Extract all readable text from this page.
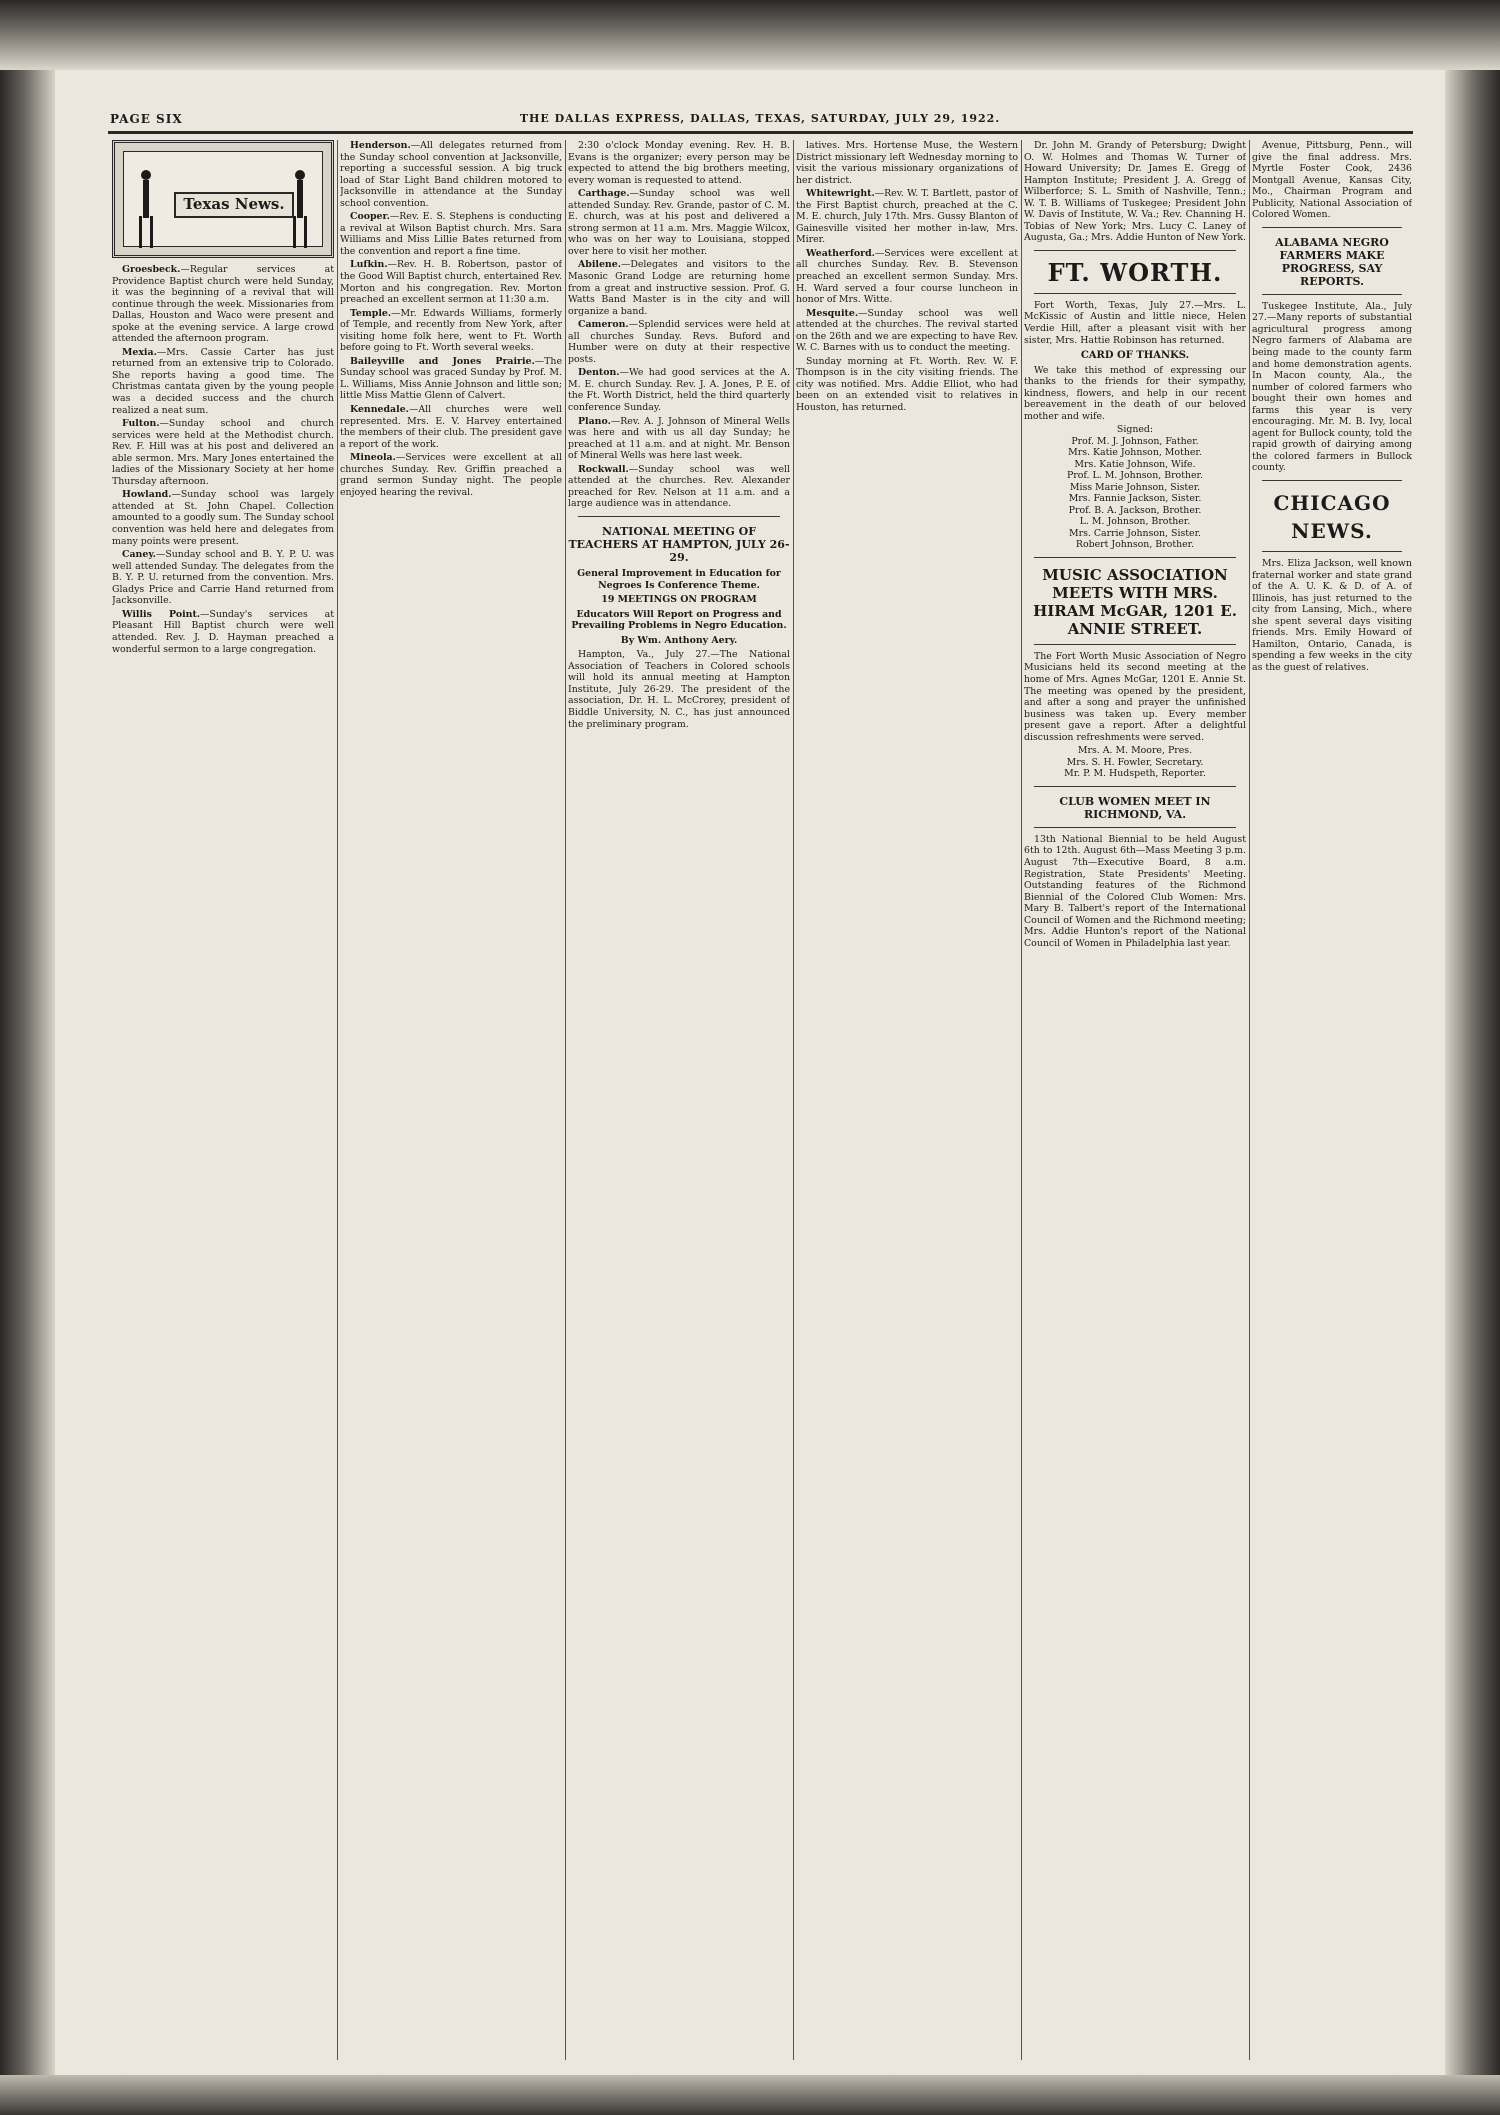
THE DALLAS EXPRESS, DALLAS, TEXAS, SATURDAY, JULY 29, 1922.
PAGE SIX
Texas News.
Groesbeck.—Regular services at Providence Baptist church were held Sunday, it was the beginning of a revival that will continue through the week. Missionaries from Dallas, Houston and Waco were present and spoke at the evening service. A large crowd attended the afternoon program.
Mexia.—Mrs. Cassie Carter has just returned from an extensive trip to Colorado. She reports having a good time. The Christmas cantata given by the young people was a decided success and the church realized a neat sum.
Fulton.—Sunday school and church services were held at the Methodist church. Rev. F. Hill was at his post and delivered an able sermon. Mrs. Mary Jones entertained the ladies of the Missionary Society at her home Thursday afternoon.
Howland.—Sunday school was largely attended at St. John Chapel. Collection amounted to a goodly sum. The Sunday school convention was held here and delegates from many points were present.
Caney.—Sunday school and B. Y. P. U. was well attended Sunday. The delegates from the B. Y. P. U. returned from the convention. Mrs. Gladys Price and Carrie Hand returned from Jacksonville.
Willis Point.—Sunday's services at Pleasant Hill Baptist church were well attended. Rev. J. D. Hayman preached a wonderful sermon to a large congregation.
Henderson.—All delegates returned from the Sunday school convention at Jacksonville, reporting a successful session. A big truck load of Star Light Band children motored to Jacksonville in attendance at the Sunday school convention.
Cooper.—Rev. E. S. Stephens is conducting a revival at Wilson Baptist church. Mrs. Sara Williams and Miss Lillie Bates returned from the convention and report a fine time.
Lufkin.—Rev. H. B. Robertson, pastor of the Good Will Baptist church, entertained Rev. Morton and his congregation. Rev. Morton preached an excellent sermon at 11:30 a.m.
Temple.—Mr. Edwards Williams, formerly of Temple, and recently from New York, after visiting home folk here, went to Ft. Worth before going to Ft. Worth several weeks.
Baileyville and Jones Prairie.—The Sunday school was graced Sunday by Prof. M. L. Williams, Miss Annie Johnson and little son; little Miss Mattie Glenn of Calvert.
Kennedale.—All churches were well represented. Mrs. E. V. Harvey entertained the members of their club. The president gave a report of the work.
Mineola.—Services were excellent at all churches Sunday. Rev. Griffin preached a grand sermon Sunday night. The people enjoyed hearing the revival.
2:30 o'clock Monday evening. Rev. H. B. Evans is the organizer; every person may be expected to attend the big brothers meeting, every woman is requested to attend.
Carthage.—Sunday school was well attended Sunday. Rev. Grande, pastor of C. M. E. church, was at his post and delivered a strong sermon at 11 a.m. Mrs. Maggie Wilcox, who was on her way to Louisiana, stopped over here to visit her mother.
Abilene.—Delegates and visitors to the Masonic Grand Lodge are returning home from a great and instructive session. Prof. G. Watts Band Master is in the city and will organize a band.
Cameron.—Splendid services were held at all churches Sunday. Revs. Buford and Humber were on duty at their respective posts.
Denton.—We had good services at the A. M. E. church Sunday. Rev. J. A. Jones, P. E. of the Ft. Worth District, held the third quarterly conference Sunday.
Plano.—Rev. A. J. Johnson of Mineral Wells was here and with us all day Sunday; he preached at 11 a.m. and at night. Mr. Benson of Mineral Wells was here last week.
Rockwall.—Sunday school was well attended at the churches. Rev. Alexander preached for Rev. Nelson at 11 a.m. and a large audience was in attendance.
NATIONAL MEETING OF TEACHERS AT HAMPTON, JULY 26-29.
General Improvement in Education for Negroes Is Conference Theme.
19 MEETINGS ON PROGRAM
Educators Will Report on Progress and Prevailing Problems in Negro Education.
By Wm. Anthony Aery.
Hampton, Va., July 27.—The National Association of Teachers in Colored schools will hold its annual meeting at Hampton Institute, July 26-29. The president of the association, Dr. H. L. McCrorey, president of Biddle University, N. C., has just announced the preliminary program.
latives. Mrs. Hortense Muse, the Western District missionary left Wednesday morning to visit the various missionary organizations of her district.
Whitewright.—Rev. W. T. Bartlett, pastor of the First Baptist church, preached at the C. M. E. church, July 17th. Mrs. Gussy Blanton of Gainesville visited her mother in-law, Mrs. Mirer.
Weatherford.—Services were excellent at all churches Sunday. Rev. B. Stevenson preached an excellent sermon Sunday. Mrs. H. Ward served a four course luncheon in honor of Mrs. Witte.
Mesquite.—Sunday school was well attended at the churches. The revival started on the 26th and we are expecting to have Rev. W. C. Barnes with us to conduct the meeting.
Sunday morning at Ft. Worth. Rev. W. F. Thompson is in the city visiting friends. The city was notified. Mrs. Addie Elliot, who had been on an extended visit to relatives in Houston, has returned.
Dr. John M. Grandy of Petersburg; Dwight O. W. Holmes and Thomas W. Turner of Howard University; Dr. James E. Gregg of Hampton Institute; President J. A. Gregg of Wilberforce; S. L. Smith of Nashville, Tenn.; W. T. B. Williams of Tuskegee; President John W. Davis of Institute, W. Va.; Rev. Channing H. Tobias of New York; Mrs. Lucy C. Laney of Augusta, Ga.; Mrs. Addie Hunton of New York.
FT. WORTH.
Fort Worth, Texas, July 27.—Mrs. L. McKissic of Austin and little niece, Helen Verdie Hill, after a pleasant visit with her sister, Mrs. Hattie Robinson has returned.
CARD OF THANKS.
We take this method of expressing our thanks to the friends for their sympathy, kindness, flowers, and help in our recent bereavement in the death of our beloved mother and wife.
Signed:
Prof. M. J. Johnson, Father.
Mrs. Katie Johnson, Mother.
Mrs. Katie Johnson, Wife.
Prof. L. M. Johnson, Brother.
Miss Marie Johnson, Sister.
Mrs. Fannie Jackson, Sister.
Prof. B. A. Jackson, Brother.
L. M. Johnson, Brother.
Mrs. Carrie Johnson, Sister.
Robert Johnson, Brother.
MUSIC ASSOCIATION MEETS WITH MRS. HIRAM McGAR, 1201 E. ANNIE STREET.
The Fort Worth Music Association of Negro Musicians held its second meeting at the home of Mrs. Agnes McGar, 1201 E. Annie St. The meeting was opened by the president, and after a song and prayer the unfinished business was taken up. Every member present gave a report. After a delightful discussion refreshments were served.
Mrs. A. M. Moore, Pres.
Mrs. S. H. Fowler, Secretary.
Mr. P. M. Hudspeth, Reporter.
CLUB WOMEN MEET IN RICHMOND, VA.
13th National Biennial to be held August 6th to 12th. August 6th—Mass Meeting 3 p.m. August 7th—Executive Board, 8 a.m. Registration, State Presidents' Meeting. Outstanding features of the Richmond Biennial of the Colored Club Women: Mrs. Mary B. Talbert's report of the International Council of Women and the Richmond meeting; Mrs. Addie Hunton's report of the National Council of Women in Philadelphia last year.
Avenue, Pittsburg, Penn., will give the final address. Mrs. Myrtle Foster Cook, 2436 Montgall Avenue, Kansas City, Mo., Chairman Program and Publicity, National Association of Colored Women.
ALABAMA NEGRO FARMERS MAKE PROGRESS, SAY REPORTS.
Tuskegee Institute, Ala., July 27.—Many reports of substantial agricultural progress among Negro farmers of Alabama are being made to the county farm and home demonstration agents. In Macon county, Ala., the number of colored farmers who bought their own homes and farms this year is very encouraging. Mr. M. B. Ivy, local agent for Bullock county, told the rapid growth of dairying among the colored farmers in Bullock county.
CHICAGO NEWS.
Mrs. Eliza Jackson, well known fraternal worker and state grand of the A. U. K. & D. of A. of Illinois, has just returned to the city from Lansing, Mich., where she spent several days visiting friends. Mrs. Emily Howard of Hamilton, Ontario, Canada, is spending a few weeks in the city as the guest of relatives.
